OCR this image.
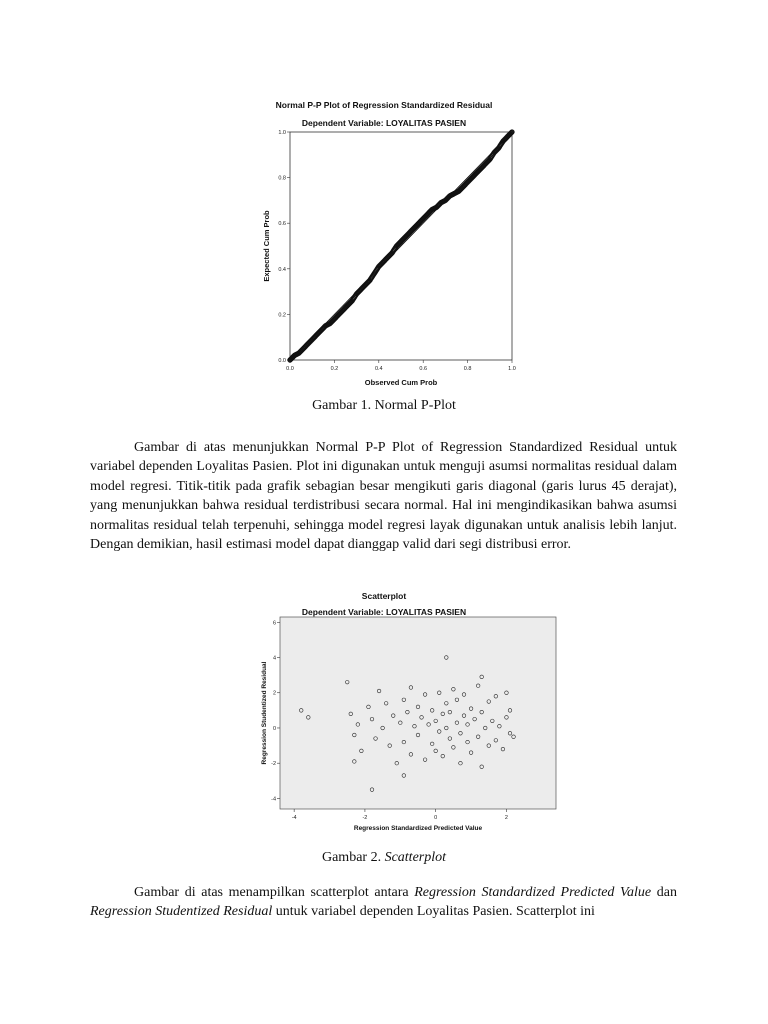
Normal P-P Plot of Regression Standardized Residual
Dependent Variable: LOYALITAS PASIEN
0.0	0.2	0.4	0.6	0.8	1.0
0.0
0.2
0.4
0.6
0.8
1.0
Observed Cum Prob
Expected Cum Prob
Gambar 1. Normal P-Plot

Gambar di atas menunjukkan Normal P-P Plot of Regression Standardized Residual untuk variabel dependen Loyalitas Pasien. Plot ini digunakan untuk menguji asumsi normalitas residual dalam model regresi. Titik-titik pada grafik sebagian besar mengikuti garis diagonal (garis lurus 45 derajat), yang menunjukkan bahwa residual terdistribusi secara normal. Hal ini mengindikasikan bahwa asumsi normalitas residual telah terpenuhi, sehingga model regresi layak digunakan untuk analisis lebih lanjut. Dengan demikian, hasil estimasi model dapat dianggap valid dari segi distribusi error.

Scatterplot
Dependent Variable: LOYALITAS PASIEN
-4	-2	0	2
-4
-2
0
2
4
6
Regression Standardized Predicted Value
Regression Studentized Residual
Gambar 2. Scatterplot

Gambar di atas menampilkan scatterplot antara Regression Standardized Predicted Value dan Regression Studentized Residual untuk variabel dependen Loyalitas Pasien. Scatterplot ini
